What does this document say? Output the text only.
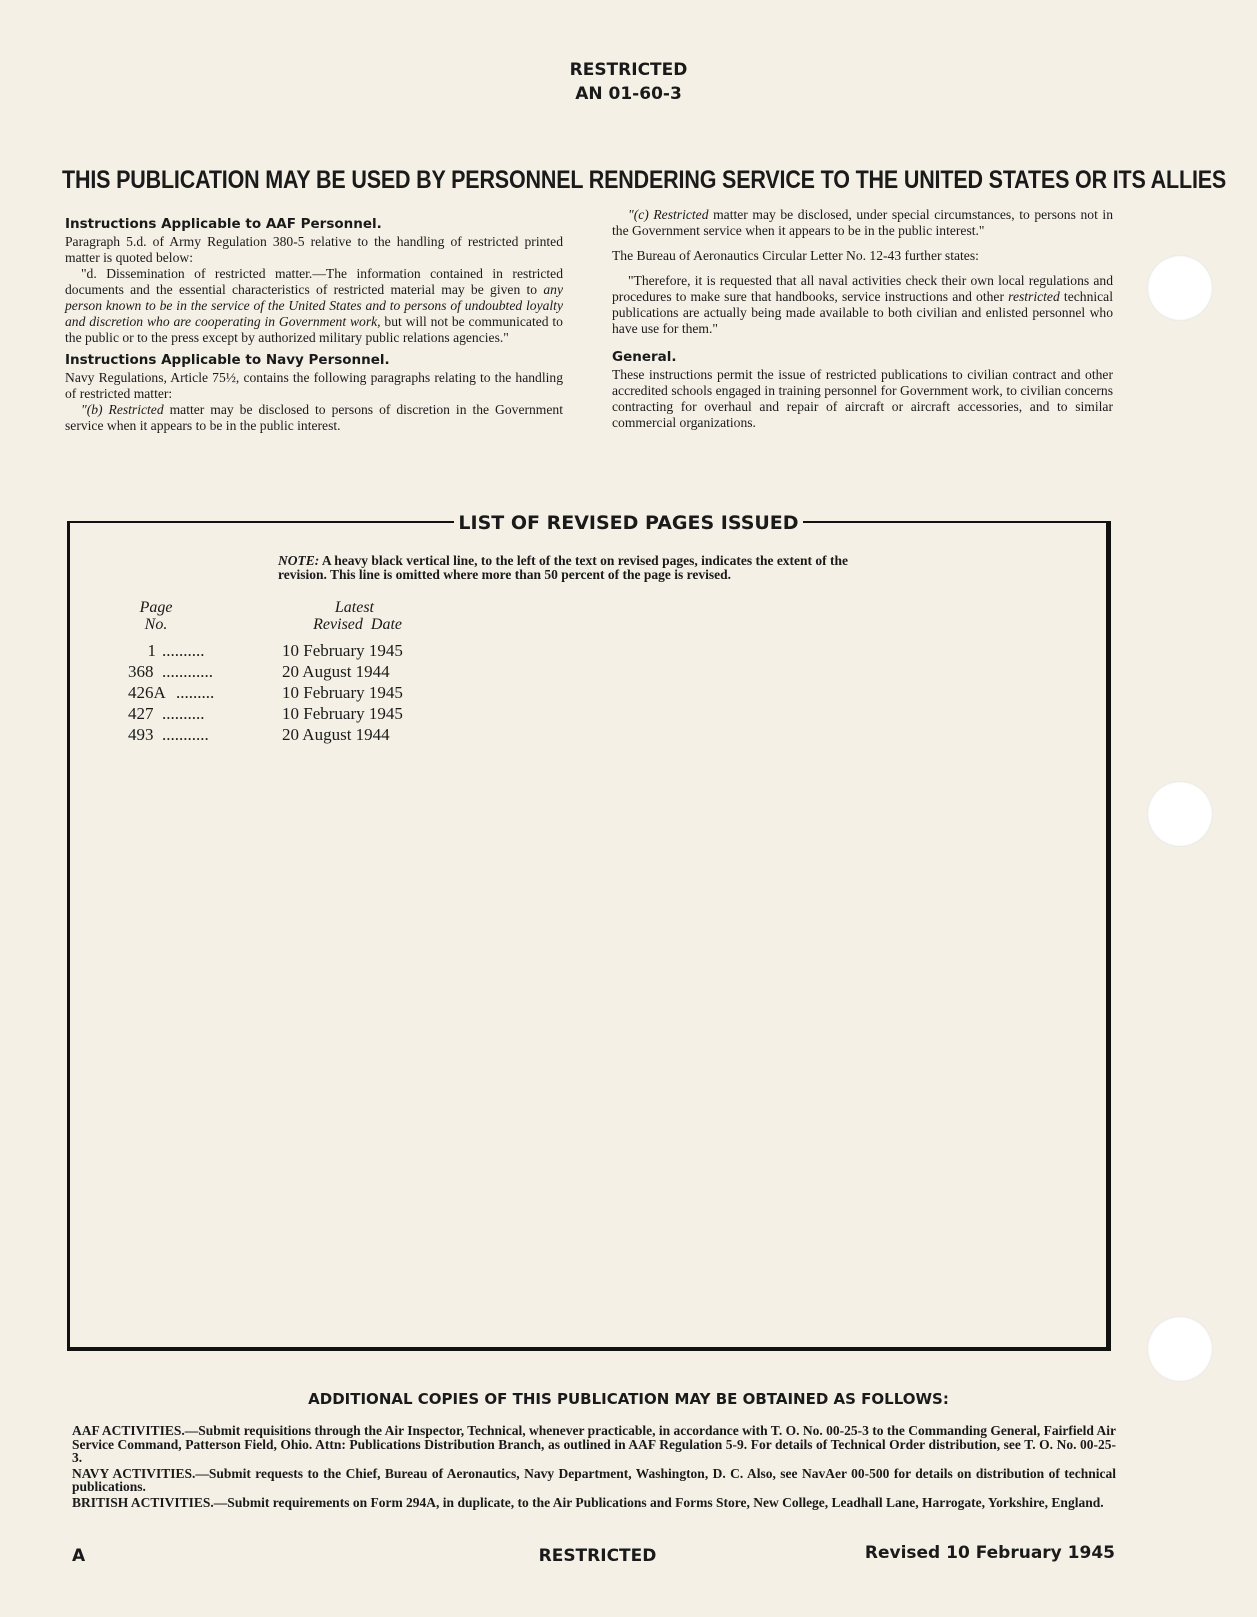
RESTRICTED
AN 01-60-3
THIS PUBLICATION MAY BE USED BY PERSONNEL RENDERING SERVICE TO THE UNITED STATES OR ITS ALLIES

Instructions Applicable to AAF Personnel.

Paragraph 5.d. of Army Regulation 380-5 relative to the handling of restricted printed matter is quoted below:

"d. Dissemination of restricted matter.—The information contained in restricted documents and the essential characteristics of restricted material may be given to any person known to be in the service of the United States and to persons of undoubted loyalty and discretion who are cooperating in Government work, but will not be communicated to the public or to the press except by authorized military public relations agencies."

Instructions Applicable to Navy Personnel.

Navy Regulations, Article 75½, contains the following paragraphs relating to the handling of restricted matter:

"(b) Restricted matter may be disclosed to persons of discretion in the Government service when it appears to be in the public interest.

"(c) Restricted matter may be disclosed, under special circumstances, to persons not in the Government service when it appears to be in the public interest."

The Bureau of Aeronautics Circular Letter No. 12-43 further states:

"Therefore, it is requested that all naval activities check their own local regulations and procedures to make sure that handbooks, service instructions and other restricted technical publications are actually being made available to both civilian and enlisted personnel who have use for them."

General.

These instructions permit the issue of restricted publications to civilian contract and other accredited schools engaged in training personnel for Government work, to civilian concerns contracting for overhaul and repair of aircraft or aircraft accessories, and to similar commercial organizations.

LIST OF REVISED PAGES ISSUED
NOTE: A heavy black vertical line, to the left of the text on revised pages, indicates the extent of the revision. This line is omitted where more than 50 percent of the page is revised.
Page
No.
Latest
Revised  Date
1 ..........	10 February 1945
368 ............	20 August 1944
426A .........	10 February 1945
427 ..........	10 February 1945
493 ...........	20 August 1944
ADDITIONAL COPIES OF THIS PUBLICATION MAY BE OBTAINED AS FOLLOWS:

AAF ACTIVITIES.—Submit requisitions through the Air Inspector, Technical, whenever practicable, in accordance with T. O. No. 00-25-3 to the Commanding General, Fairfield Air Service Command, Patterson Field, Ohio. Attn: Publications Distribution Branch, as outlined in AAF Regulation 5-9. For details of Technical Order distribution, see T. O. No. 00-25-3.

NAVY ACTIVITIES.—Submit requests to the Chief, Bureau of Aeronautics, Navy Department, Washington, D. C. Also, see NavAer 00-500 for details on distribution of technical publications.

BRITISH ACTIVITIES.—Submit requirements on Form 294A, in duplicate, to the Air Publications and Forms Store, New College, Leadhall Lane, Harrogate, Yorkshire, England.

A	RESTRICTED	Revised 10 February 1945
